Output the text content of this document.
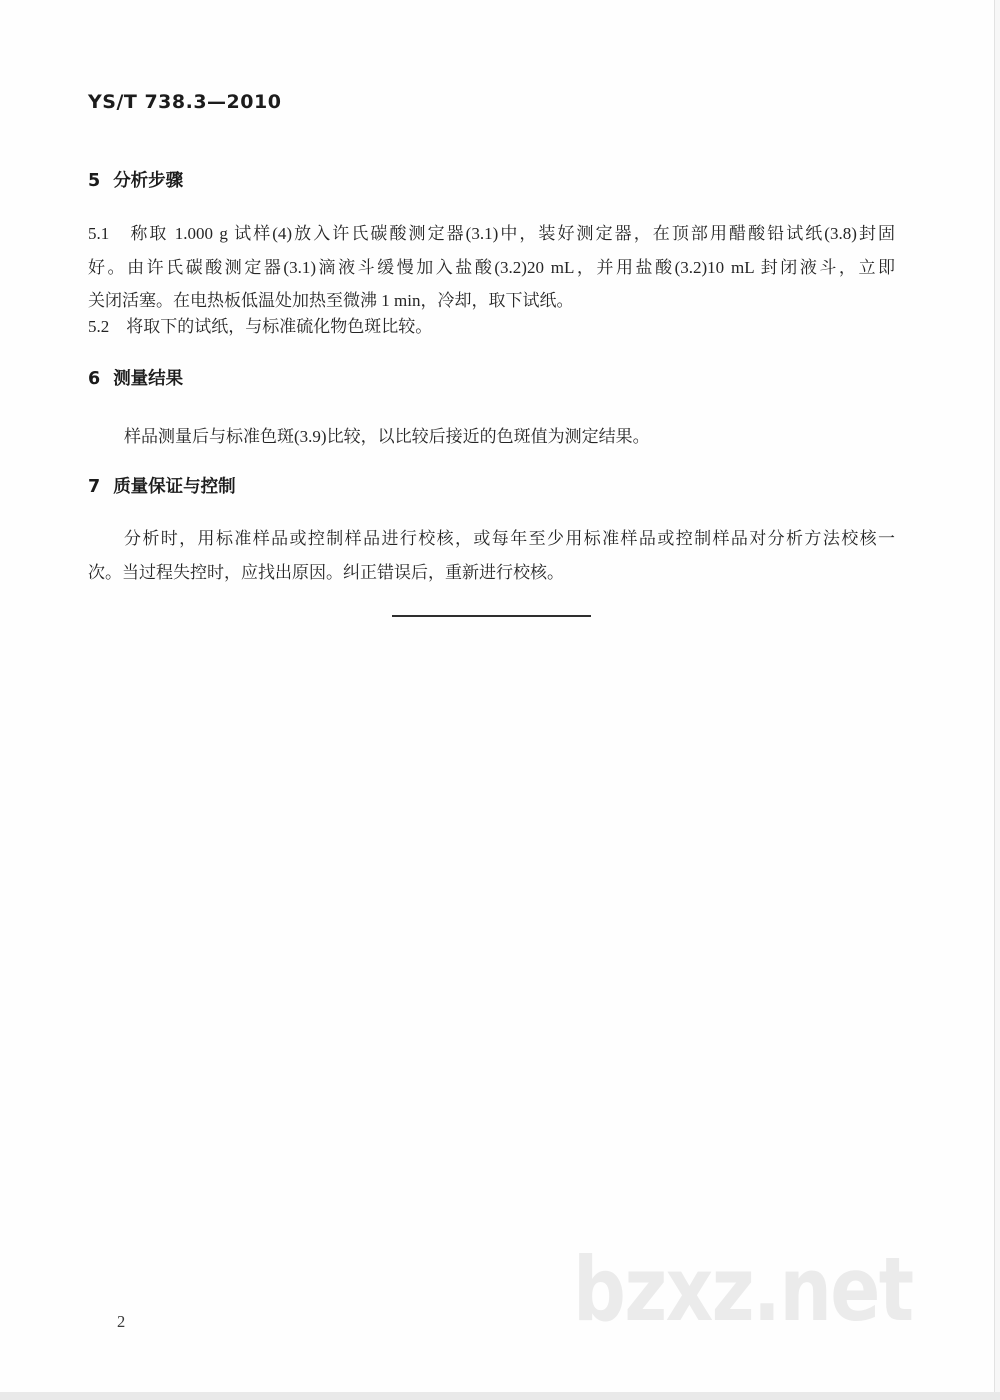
YS/T 738.3—2010
5 分析步骤
5.1　称取 1.000 g 试样(4)放入许氏碳酸测定器(3.1)中，装好测定器，在顶部用醋酸铅试纸(3.8)封固
好。由许氏碳酸测定器(3.1)滴液斗缓慢加入盐酸(3.2)20 mL，并用盐酸(3.2)10 mL 封闭液斗，立即
关闭活塞。在电热板低温处加热至微沸 1 min，冷却，取下试纸。
5.2　将取下的试纸，与标准硫化物色斑比较。
6 测量结果
样品测量后与标准色斑(3.9)比较，以比较后接近的色斑值为测定结果。
7 质量保证与控制
分析时，用标准样品或控制样品进行校核，或每年至少用标准样品或控制样品对分析方法校核一
次。当过程失控时，应找出原因。纠正错误后，重新进行校核。
2	bzxz.net
